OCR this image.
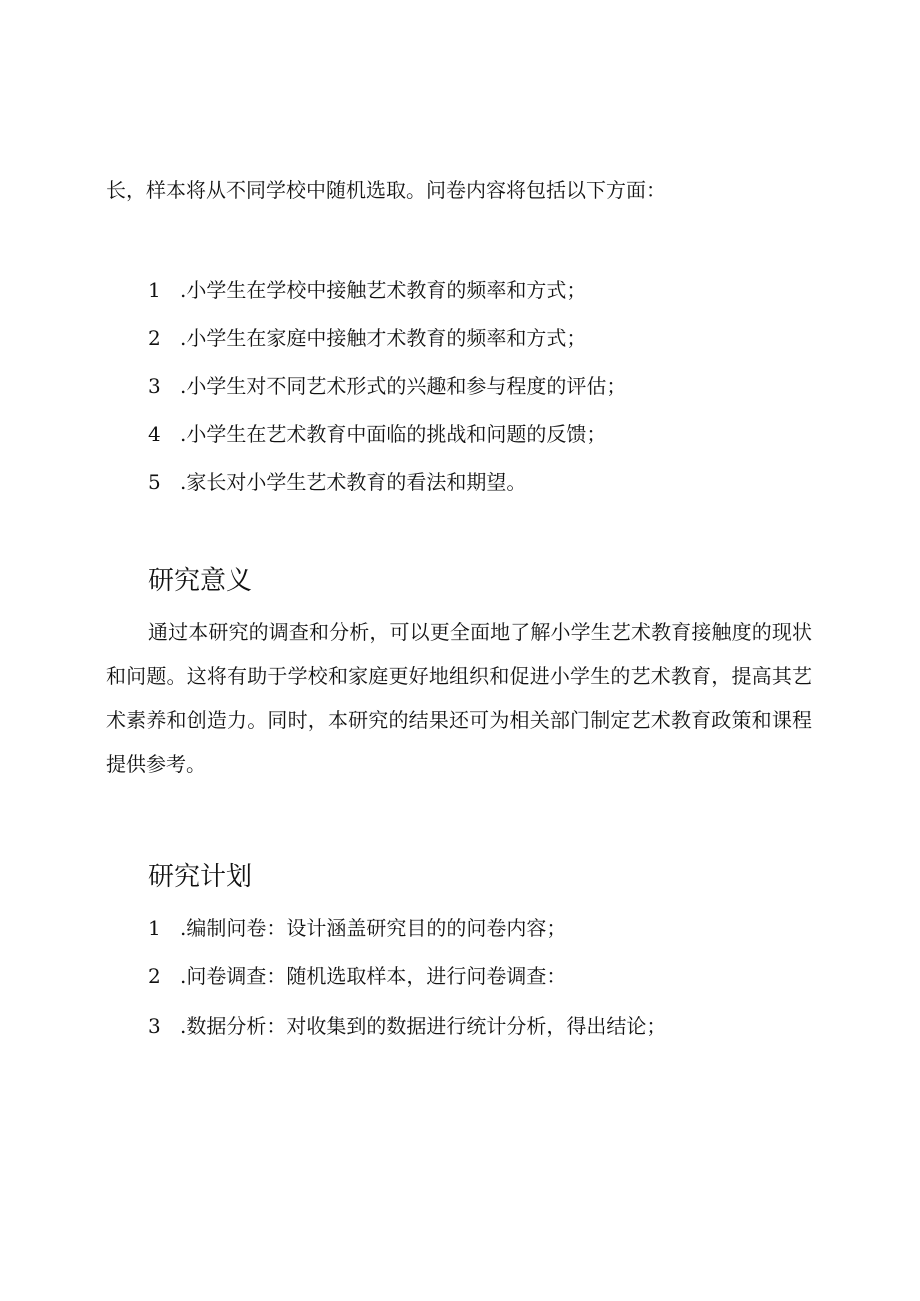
长，样本将从不同学校中随机选取。问卷内容将包括以下方面：
1 .小学生在学校中接触艺术教育的频率和方式；
2 .小学生在家庭中接触才术教育的频率和方式；
3 .小学生对不同艺术形式的兴趣和参与程度的评估；
4 .小学生在艺术教育中面临的挑战和问题的反馈；
5 .家长对小学生艺术教育的看法和期望。
研究意义

通过本研究的调查和分析，可以更全面地了解小学生艺术教育接触度的现状和问题。这将有助于学校和家庭更好地组织和促进小学生的艺术教育，提高其艺术素养和创造力。同时，本研究的结果还可为相关部门制定艺术教育政策和课程提供参考。

研究计划
1 .编制问卷：设计涵盖研究目的的问卷内容；
2 .问卷调查：随机选取样本，进行问卷调查：
3 .数据分析：对收集到的数据进行统计分析，得出结论；
